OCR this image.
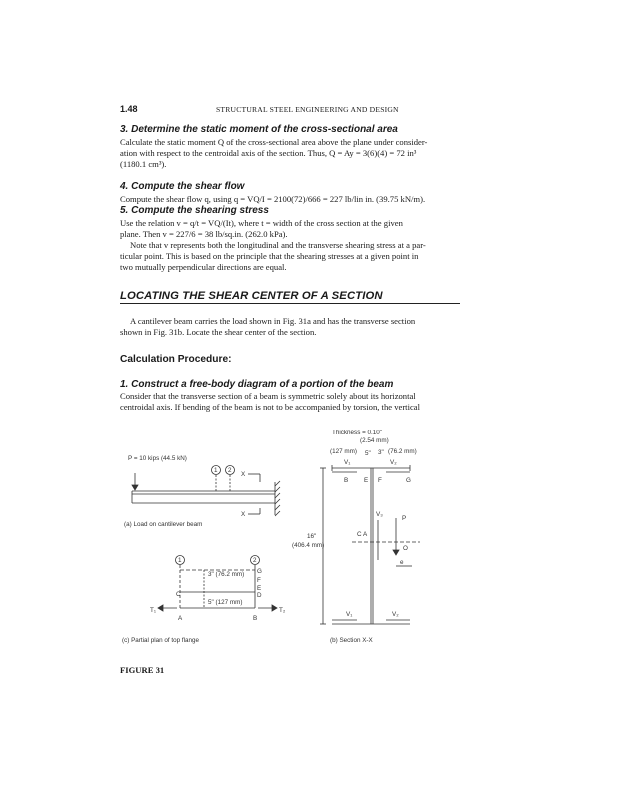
1.48	STRUCTURAL STEEL ENGINEERING AND DESIGN
3. Determine the static moment of the cross-sectional area
Calculate the static moment Q of the cross-sectional area above the plane under consider-
ation with respect to the centroidal axis of the section. Thus, Q = Ay = 3(6)(4) = 72 in³
(1180.1 cm³).
4. Compute the shear flow
Compute the shear flow q, using q = VQ/I = 2100(72)/666 = 227 lb/lin in. (39.75 kN/m).
5. Compute the shearing stress
Use the relation v = q/t = VQ/(It), where t = width of the cross section at the given
plane. Then v = 227/6 = 38 lb/sq.in. (262.0 kPa).
Note that v represents both the longitudinal and the transverse shearing stress at a par-
ticular point. This is based on the principle that the shearing stresses at a given point in
two mutually perpendicular directions are equal.
LOCATING THE SHEAR CENTER OF A SECTION
A cantilever beam carries the load shown in Fig. 31a and has the transverse section
shown in Fig. 31b. Locate the shear center of the section.
Calculation Procedure:
1. Construct a free-body diagram of a portion of the beam
Consider that the transverse section of a beam is symmetric solely about its horizontal
centroidal axis. If bending of the beam is not to be accompanied by torsion, the vertical
P = 10 kips (44.5 kN)
1 2
X
X
(a) Load on cantilever beam
Thickness = 0.10"
(2.54 mm)
(127 mm) 5" 3" (76.2 mm)
V₁	V₂
B	E F	G
V₃
P
C A
O
e
16"
(406.4 mm)
V₁	V₂
(b) Section X-X
1	2
G
F
E
D
C
3" (76.2 mm)
5" (127 mm)
T₁	T₂
A	B
(c) Partial plan of top flange
FIGURE 31
